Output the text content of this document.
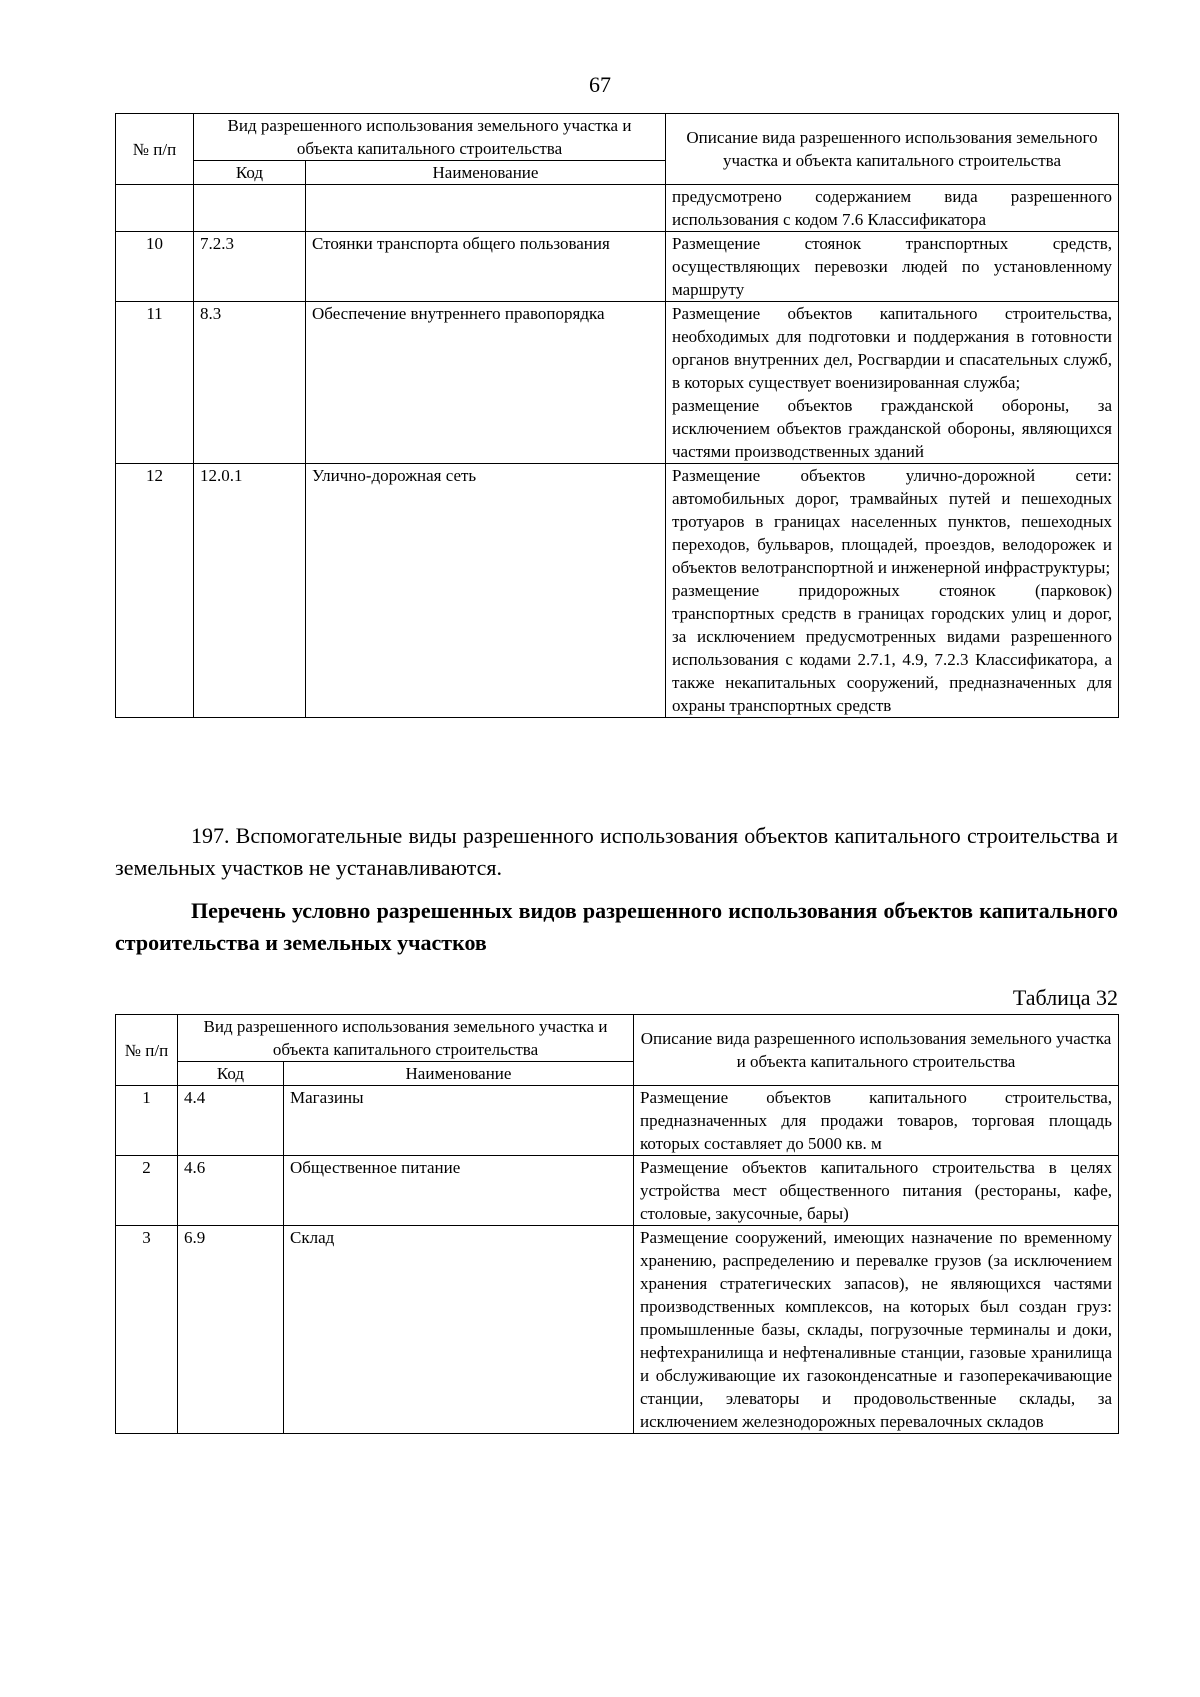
67
№ п/п	Вид разрешенного использования земельного участка и объекта капитального строительства		Описание вида разрешенного использования земельного участка и объекта капитального строительства
	Код	Наименование	
			предусмотрено содержанием вида разрешенного использования с кодом 7.6 Классификатора
10	7.2.3	Стоянки транспорта общего пользования	Размещение стоянок транспортных средств, осуществляющих перевозки людей по установленному маршруту
11	8.3	Обеспечение внутреннего правопорядка	Размещение объектов капитального строительства, необходимых для подготовки и поддержания в готовности органов внутренних дел, Росгвардии и спасательных служб, в которых существует военизированная служба;
размещение объектов гражданской обороны, за исключением объектов гражданской обороны, являющихся частями производственных зданий

12	12.0.1	Улично-дорожная сеть	Размещение объектов улично-дорожной сети: автомобильных дорог, трамвайных путей и пешеходных тротуаров в границах населенных пунктов, пешеходных переходов, бульваров, площадей, проездов, велодорожек и объектов велотранспортной и инженерной инфраструктуры;
размещение придорожных стоянок (парковок) транспортных средств в границах городских улиц и дорог, за исключением предусмотренных видами разрешенного использования с кодами 2.7.1, 4.9, 7.2.3 Классификатора, а также некапитальных сооружений, предназначенных для охраны транспортных средств
197. Вспомогательные виды разрешенного использования объектов капитального строительства и земельных участков не устанавливаются.
Перечень условно разрешенных видов разрешенного использования объектов капитального строительства и земельных участков
Таблица 32
№ п/п	Вид разрешенного использования земельного участка и объекта капитального строительства		Описание вида разрешенного использования земельного участка и объекта капитального строительства
	Код	Наименование	
1	4.4	Магазины	Размещение объектов капитального строительства, предназначенных для продажи товаров, торговая площадь которых составляет до 5000 кв. м
2	4.6	Общественное питание	Размещение объектов капитального строительства в целях устройства мест общественного питания (рестораны, кафе, столовые, закусочные, бары)
3	6.9	Склад	Размещение сооружений, имеющих назначение по временному хранению, распределению и перевалке грузов (за исключением хранения стратегических запасов), не являющихся частями производственных комплексов, на которых был создан груз: промышленные базы, склады, погрузочные терминалы и доки, нефтехранилища и нефтеналивные станции, газовые хранилища и обслуживающие их газоконденсатные и газоперекачивающие станции, элеваторы и продовольственные склады, за исключением железнодорожных перевалочных складов
